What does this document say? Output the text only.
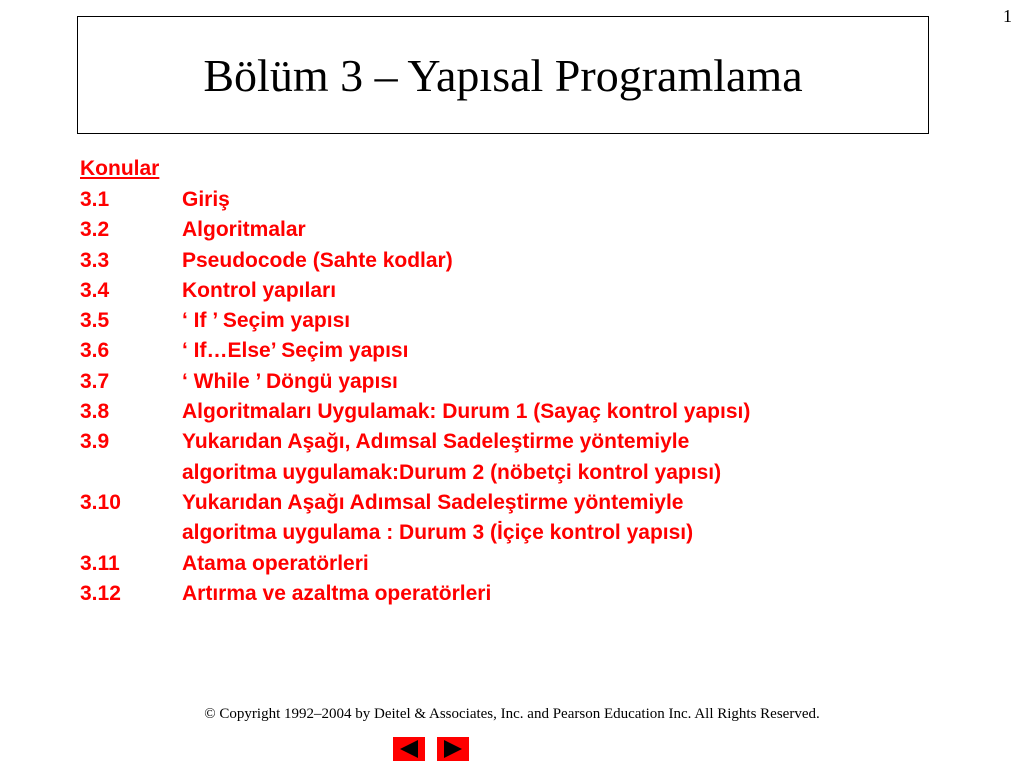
1
Bölüm 3 – Yapısal Programlama
Konular
3.1	Giriş
3.2	Algoritmalar
3.3	Pseudocode (Sahte kodlar)
3.4	Kontrol yapıları
3.5	‘ If ’ Seçim yapısı
3.6	‘ If…Else’ Seçim yapısı
3.7	‘ While ’ Döngü yapısı
3.8	Algoritmaları Uygulamak: Durum 1 (Sayaç kontrol yapısı)
3.9	Yukarıdan Aşağı, Adımsal Sadeleştirme yöntemiyle
algoritma uygulamak:Durum 2 (nöbetçi kontrol yapısı)
3.10	Yukarıdan Aşağı Adımsal Sadeleştirme yöntemiyle
algoritma uygulama : Durum 3 (İçiçe kontrol yapısı)
3.11	Atama operatörleri
3.12	Artırma ve azaltma operatörleri
© Copyright 1992–2004 by Deitel & Associates, Inc. and Pearson Education Inc. All Rights Reserved.
